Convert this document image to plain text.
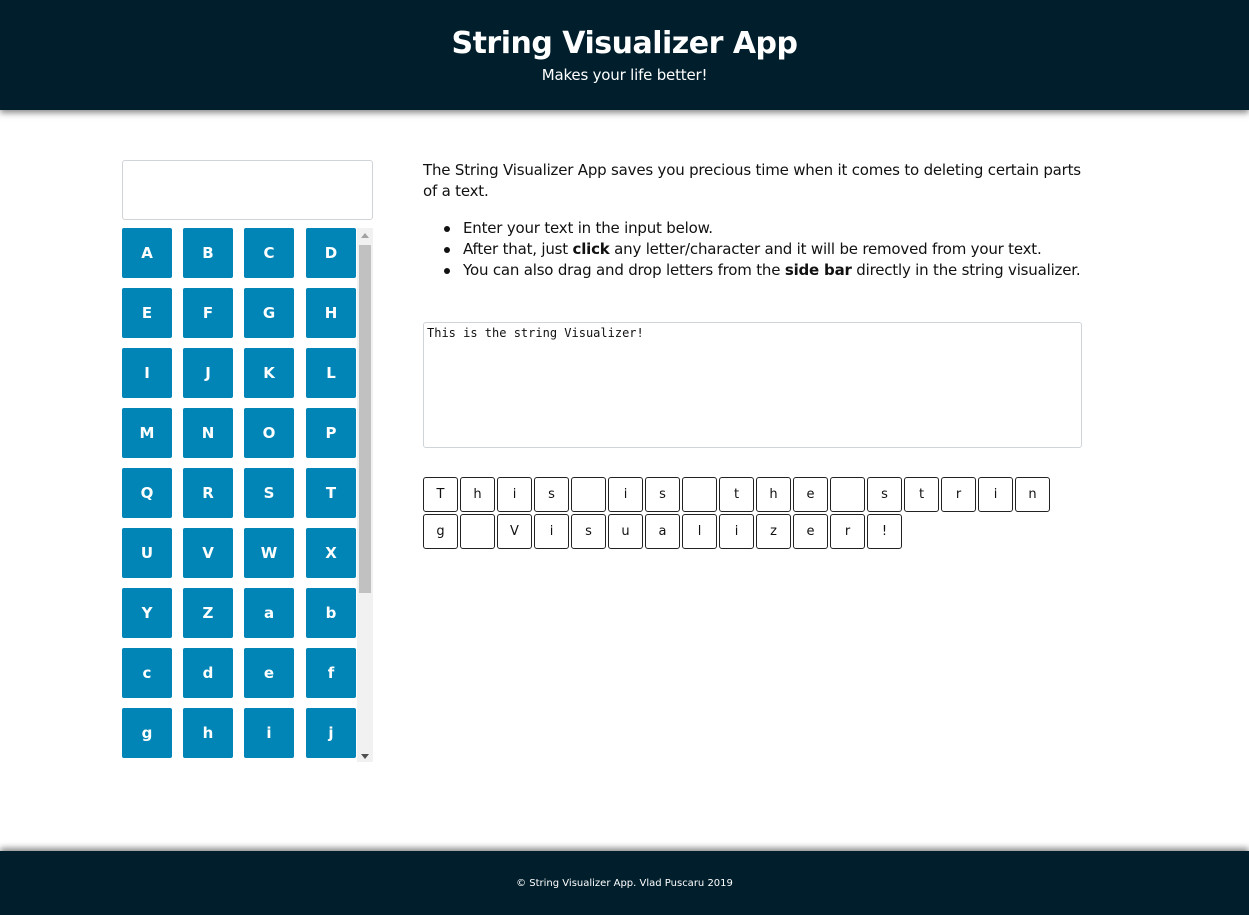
String Visualizer App
Makes your life better!
A	B	C	D
E	F	G	H
I	J	K	L
M	N	O	P
Q	R	S	T
U	V	W	X
Y	Z	a	b
c	d	e	f
g	h	i	j

The String Visualizer App saves you precious time when it comes to deleting certain parts of a text.

Enter your text in the input below.
After that, just click any letter/character and it will be removed from your text.
You can also drag and drop letters from the side bar directly in the string visualizer.
This is the string Visualizer!
T	h	i	s	i	s	t	h	e	s	t	r	i	n
g	V	i	s	u	a	l	i	z	e	r	!
© String Visualizer App. Vlad Puscaru 2019
